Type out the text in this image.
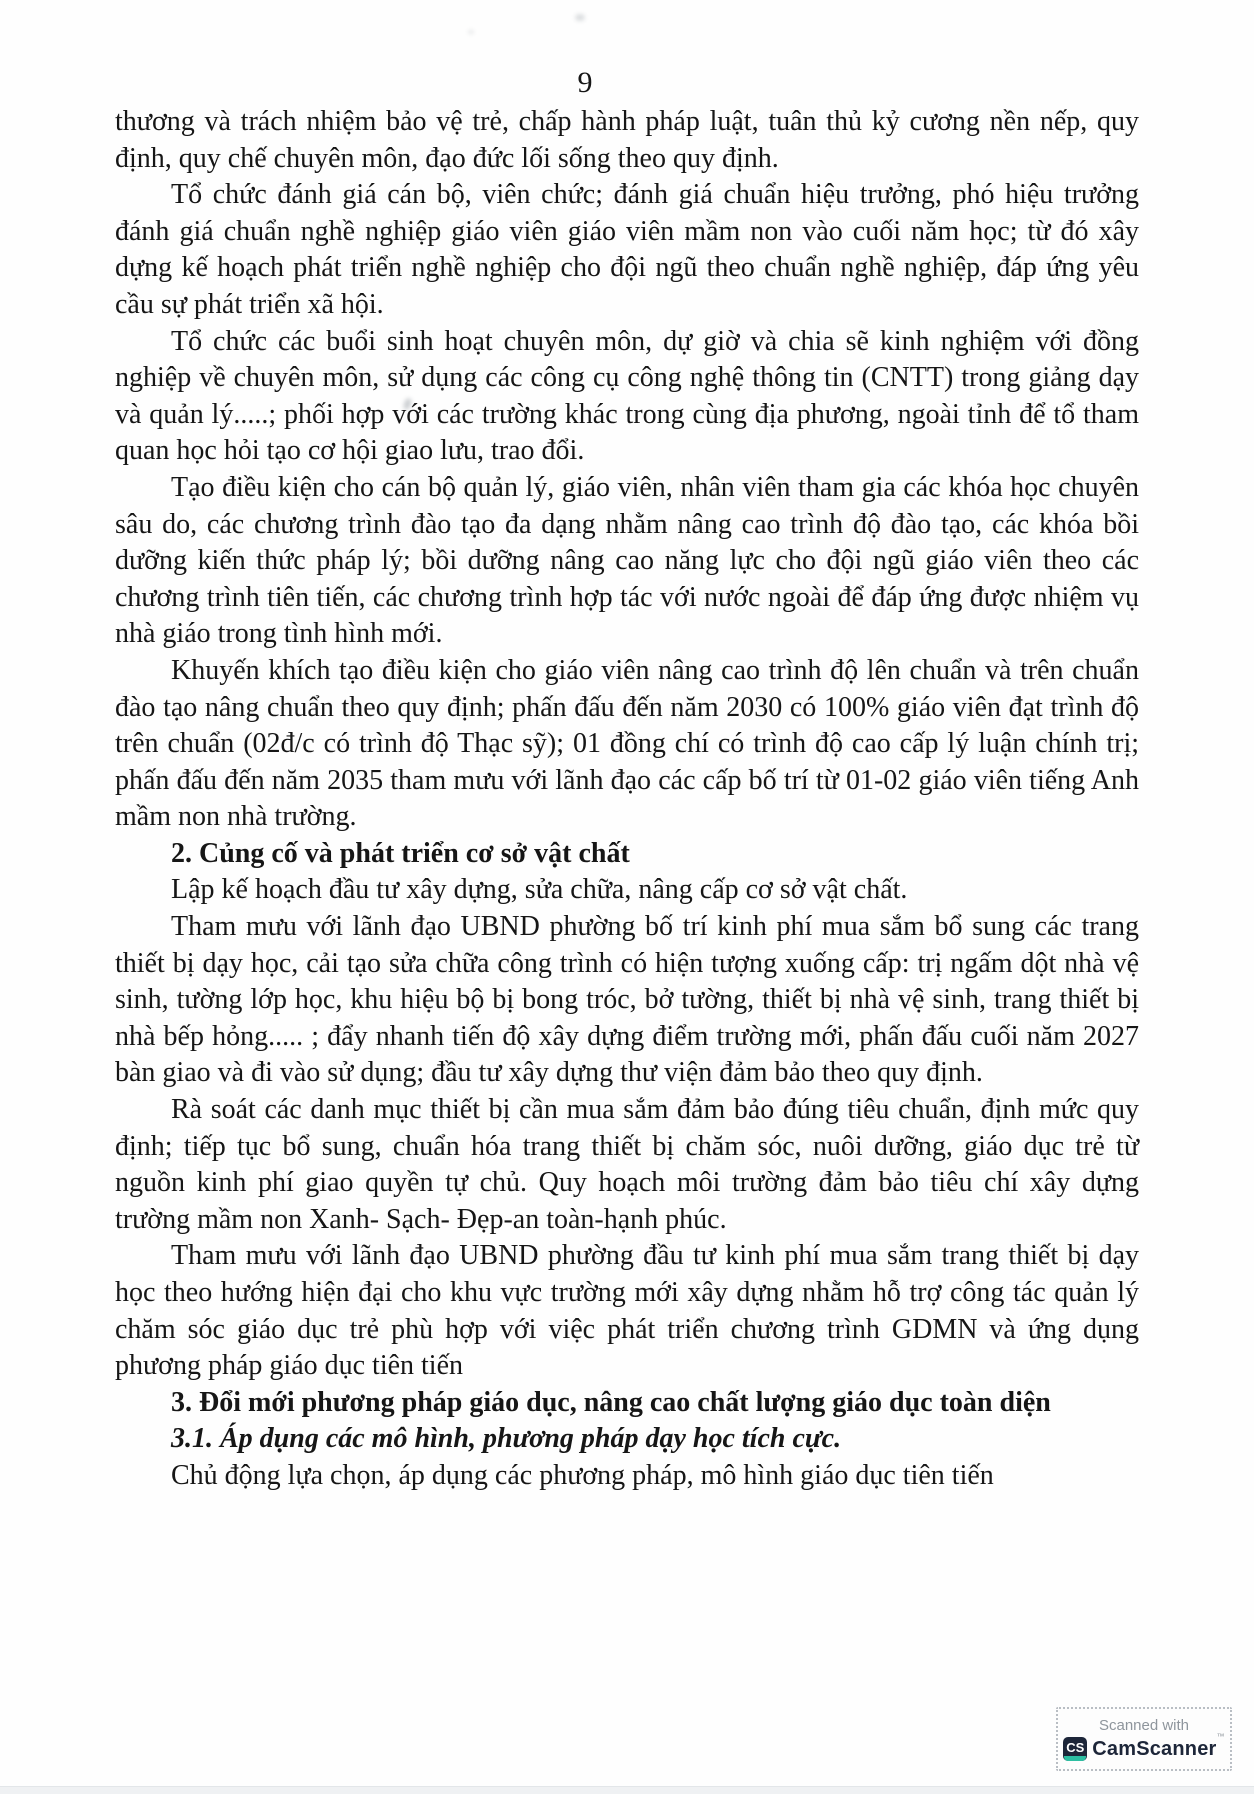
9

thương và trách nhiệm bảo vệ trẻ, chấp hành pháp luật, tuân thủ kỷ cương nền nếp, quy định, quy chế chuyên môn, đạo đức lối sống theo quy định.

Tổ chức đánh giá cán bộ, viên chức; đánh giá chuẩn hiệu trưởng, phó hiệu trưởng đánh giá chuẩn nghề nghiệp giáo viên giáo viên mầm non vào cuối năm học; từ đó xây dựng kế hoạch phát triển nghề nghiệp cho đội ngũ theo chuẩn nghề nghiệp, đáp ứng yêu cầu sự phát triển xã hội.

Tổ chức các buổi sinh hoạt chuyên môn, dự giờ và chia sẽ kinh nghiệm với đồng nghiệp về chuyên môn, sử dụng các công cụ công nghệ thông tin (CNTT) trong giảng dạy và quản lý.....; phối hợp với các trường khác trong cùng địa phương, ngoài tỉnh để tổ tham quan học hỏi tạo cơ hội giao lưu, trao đổi.

Tạo điều kiện cho cán bộ quản lý, giáo viên, nhân viên tham gia các khóa học chuyên sâu do, các chương trình đào tạo đa dạng nhằm nâng cao trình độ đào tạo, các khóa bồi dưỡng kiến thức pháp lý; bồi dưỡng nâng cao năng lực cho đội ngũ giáo viên theo các chương trình tiên tiến, các chương trình hợp tác với nước ngoài để đáp ứng được nhiệm vụ nhà giáo trong tình hình mới.

Khuyến khích tạo điều kiện cho giáo viên nâng cao trình độ lên chuẩn và trên chuẩn đào tạo nâng chuẩn theo quy định; phấn đấu đến năm 2030 có 100% giáo viên đạt trình độ trên chuẩn (02đ/c có trình độ Thạc sỹ); 01 đồng chí có trình độ cao cấp lý luận chính trị; phấn đấu đến năm 2035 tham mưu với lãnh đạo các cấp bố trí từ 01-02 giáo viên tiếng Anh mầm non nhà trường.

2. Củng cố và phát triển cơ sở vật chất

Lập kế hoạch đầu tư xây dựng, sửa chữa, nâng cấp cơ sở vật chất.

Tham mưu với lãnh đạo UBND phường bố trí kinh phí mua sắm bổ sung các trang thiết bị dạy học, cải tạo sửa chữa công trình có hiện tượng xuống cấp: trị ngấm dột nhà vệ sinh, tường lớp học, khu hiệu bộ bị bong tróc, bở tường, thiết bị nhà vệ sinh, trang thiết bị nhà bếp hỏng..... ; đẩy nhanh tiến độ xây dựng điểm trường mới, phấn đấu cuối năm 2027 bàn giao và đi vào sử dụng; đầu tư xây dựng thư viện đảm bảo theo quy định.

Rà soát các danh mục thiết bị cần mua sắm đảm bảo đúng tiêu chuẩn, định mức quy định; tiếp tục bổ sung, chuẩn hóa trang thiết bị chăm sóc, nuôi dưỡng, giáo dục trẻ từ nguồn kinh phí giao quyền tự chủ. Quy hoạch môi trường đảm bảo tiêu chí xây dựng trường mầm non Xanh- Sạch- Đẹp-an toàn-hạnh phúc.

Tham mưu với lãnh đạo UBND phường đầu tư kinh phí mua sắm trang thiết bị dạy học theo hướng hiện đại cho khu vực trường mới xây dựng nhằm hỗ trợ công tác quản lý chăm sóc giáo dục trẻ phù hợp với việc phát triển chương trình GDMN và ứng dụng phương pháp giáo dục tiên tiến

3. Đổi mới phương pháp giáo dục, nâng cao chất lượng giáo dục toàn diện

3.1. Áp dụng các mô hình, phương pháp dạy học tích cực.

Chủ động lựa chọn, áp dụng các phương pháp, mô hình giáo dục tiên tiến

Scanned with
CS CamScanner™
